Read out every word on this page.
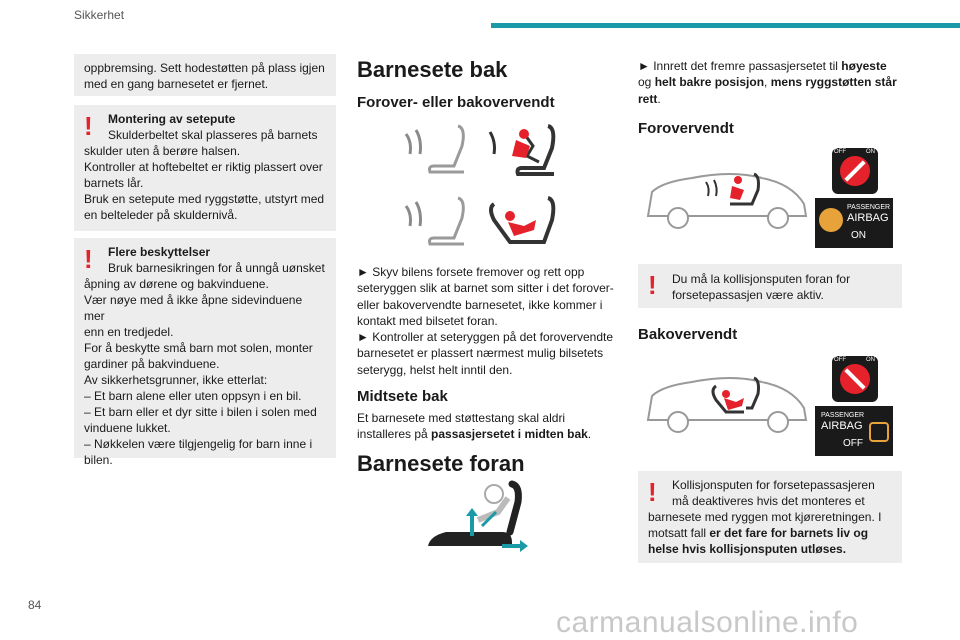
Sikkerhet

oppbremsing. Sett hodestøtten på plass igjen med en gang barnesetet er fjernet.

!	Montering av setepute

Skulderbeltet skal plasseres på barnets

skulder uten å berøre halsen.

Kontroller at hoftebeltet er riktig plassert over

barnets lår.

Bruk en setepute med ryggstøtte, utstyrt med

en belteleder på skuldernivå.

!	Flere beskyttelser

Bruk barnesikringen for å unngå uønsket

åpning av dørene og bakvinduene.

Vær nøye med å ikke åpne sidevinduene mer

enn en tredjedel.

For å beskytte små barn mot solen, monter

gardiner på bakvinduene.

Av sikkerhetsgrunner, ikke etterlat:

– Et barn alene eller uten oppsyn i en bil.

– Et barn eller et dyr sitte i bilen i solen med

vinduene lukket.

– Nøkkelen være tilgjengelig for barn inne i

bilen.

Barnesete bak
Forover- eller bakovervendt

► Skyv bilens forsete fremover og rett opp

seteryggen slik at barnet som sitter i det forover-

eller bakovervendte barnesetet, ikke kommer i

kontakt med bilsetet foran.

► Kontroller at seteryggen på det forovervendte

barnesetet er plassert nærmest mulig bilsetets

seterygg, helst helt inntil den.

Midtsete bak

Et barnesete med støttestang skal aldri

installeres på passasjersetet i midten bak.

Barnesete foran

► Innrett det fremre passasjersetet til høyeste

og helt bakre posisjon, mens ryggstøtten står

rett.

Forovervendt
OFF	ON
PASSENGER
AIRBAG
ON
!	Du må la kollisjonsputen foran for

forsetepassasjen være aktiv.

Bakovervendt
OFF	ON
PASSENGER
AIRBAG
OFF
!	Kollisjonsputen for forsetepassasjeren

må deaktiveres hvis det monteres et

barnesete med ryggen mot kjøreretningen. I

motsatt fall er det fare for barnets liv og

helse hvis kollisjonsputen utløses.

84
carmanualsonline.info
